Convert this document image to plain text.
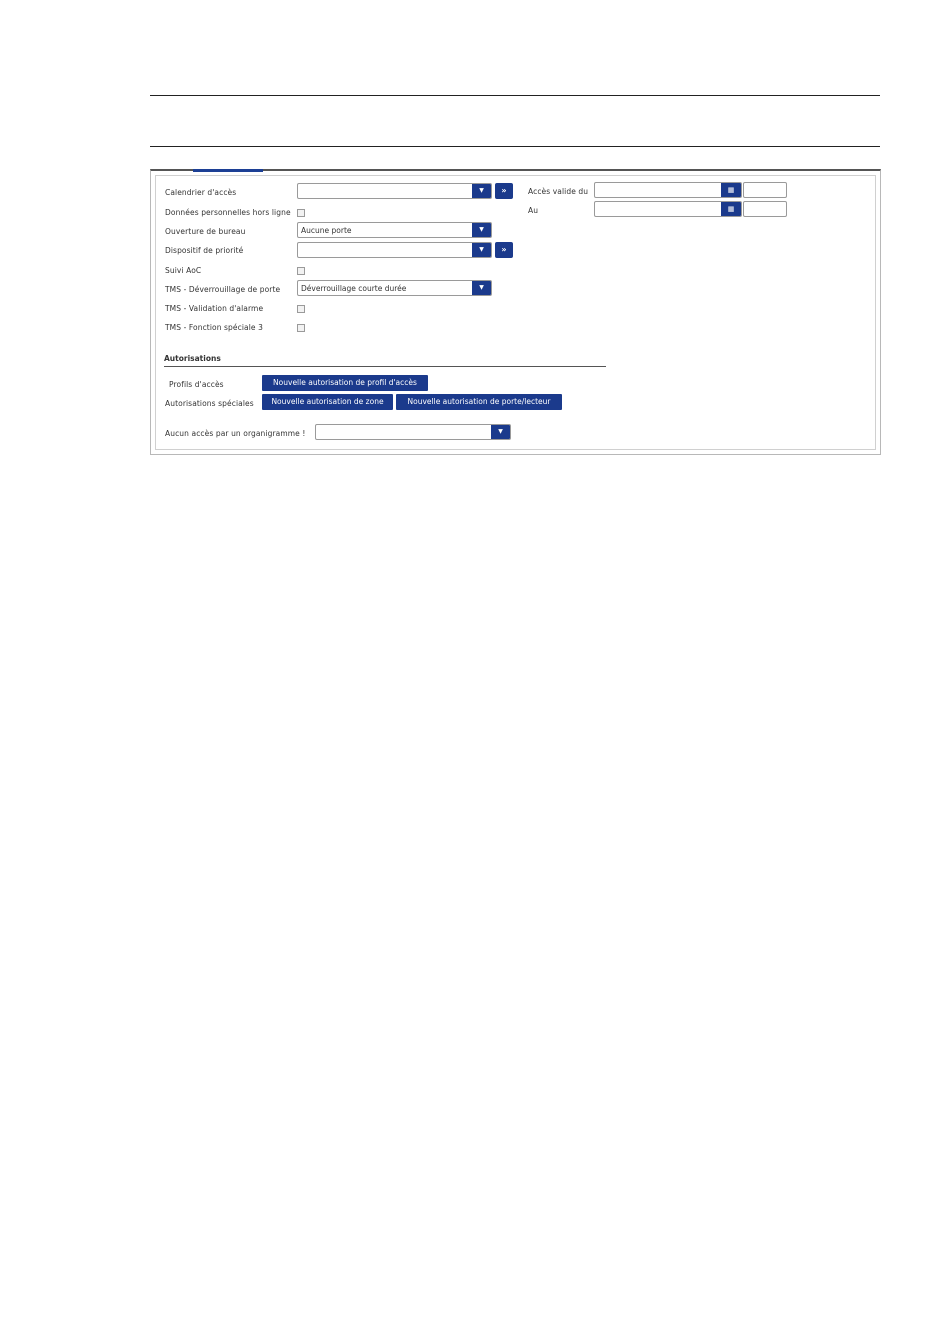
Calendrier d'accès	▼	»
Données personnelles hors ligne
Ouverture de bureau	Aucune porte	▼
Dispositif de priorité	▼	»
Suivi AoC
TMS - Déverrouillage de porte	Déverrouillage courte durée	▼
TMS - Validation d'alarme
TMS - Fonction spéciale 3
Accès valide du	▦
Au	▦
Autorisations
Profils d'accès	Nouvelle autorisation de profil d'accès
Autorisations spéciales	Nouvelle autorisation de zone	Nouvelle autorisation de porte/lecteur
Aucun accès par un organigramme !	▼
